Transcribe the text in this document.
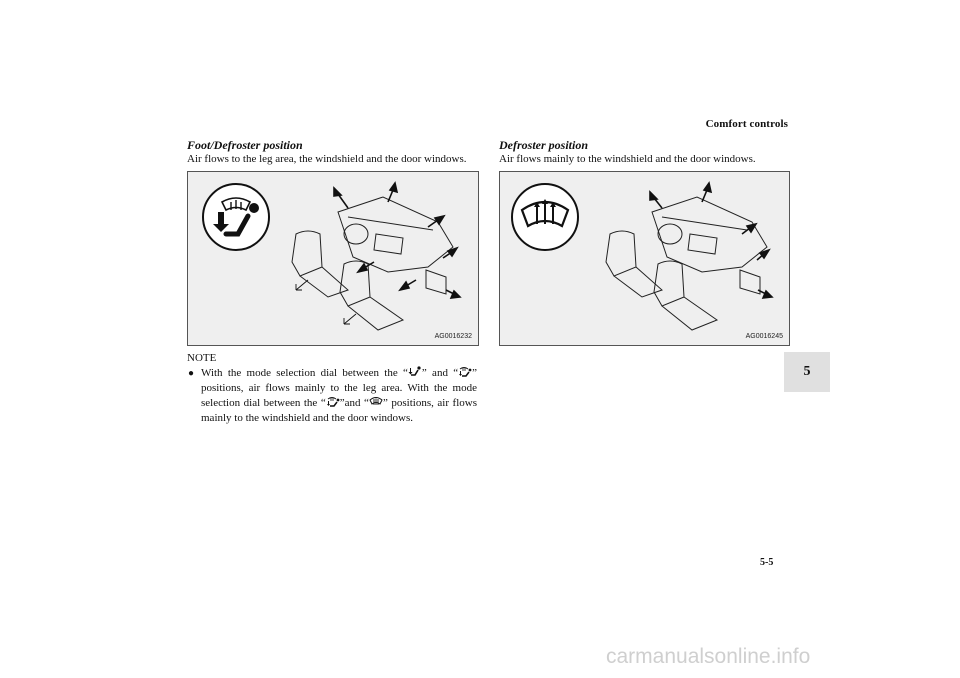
Comfort controls
Foot/Defroster position
Air flows to the leg area, the windshield and the door windows.
AG0016232
NOTE
● With the mode selection dial between the “ ” and “ ” positions, air flows mainly to the leg area. With the mode selection dial between the “ ”and “ ” positions, air flows mainly to the windshield and the door windows.
Defroster position
Air flows mainly to the windshield and the door windows.
AG0016245
5
5-5
carmanualsonline.info
